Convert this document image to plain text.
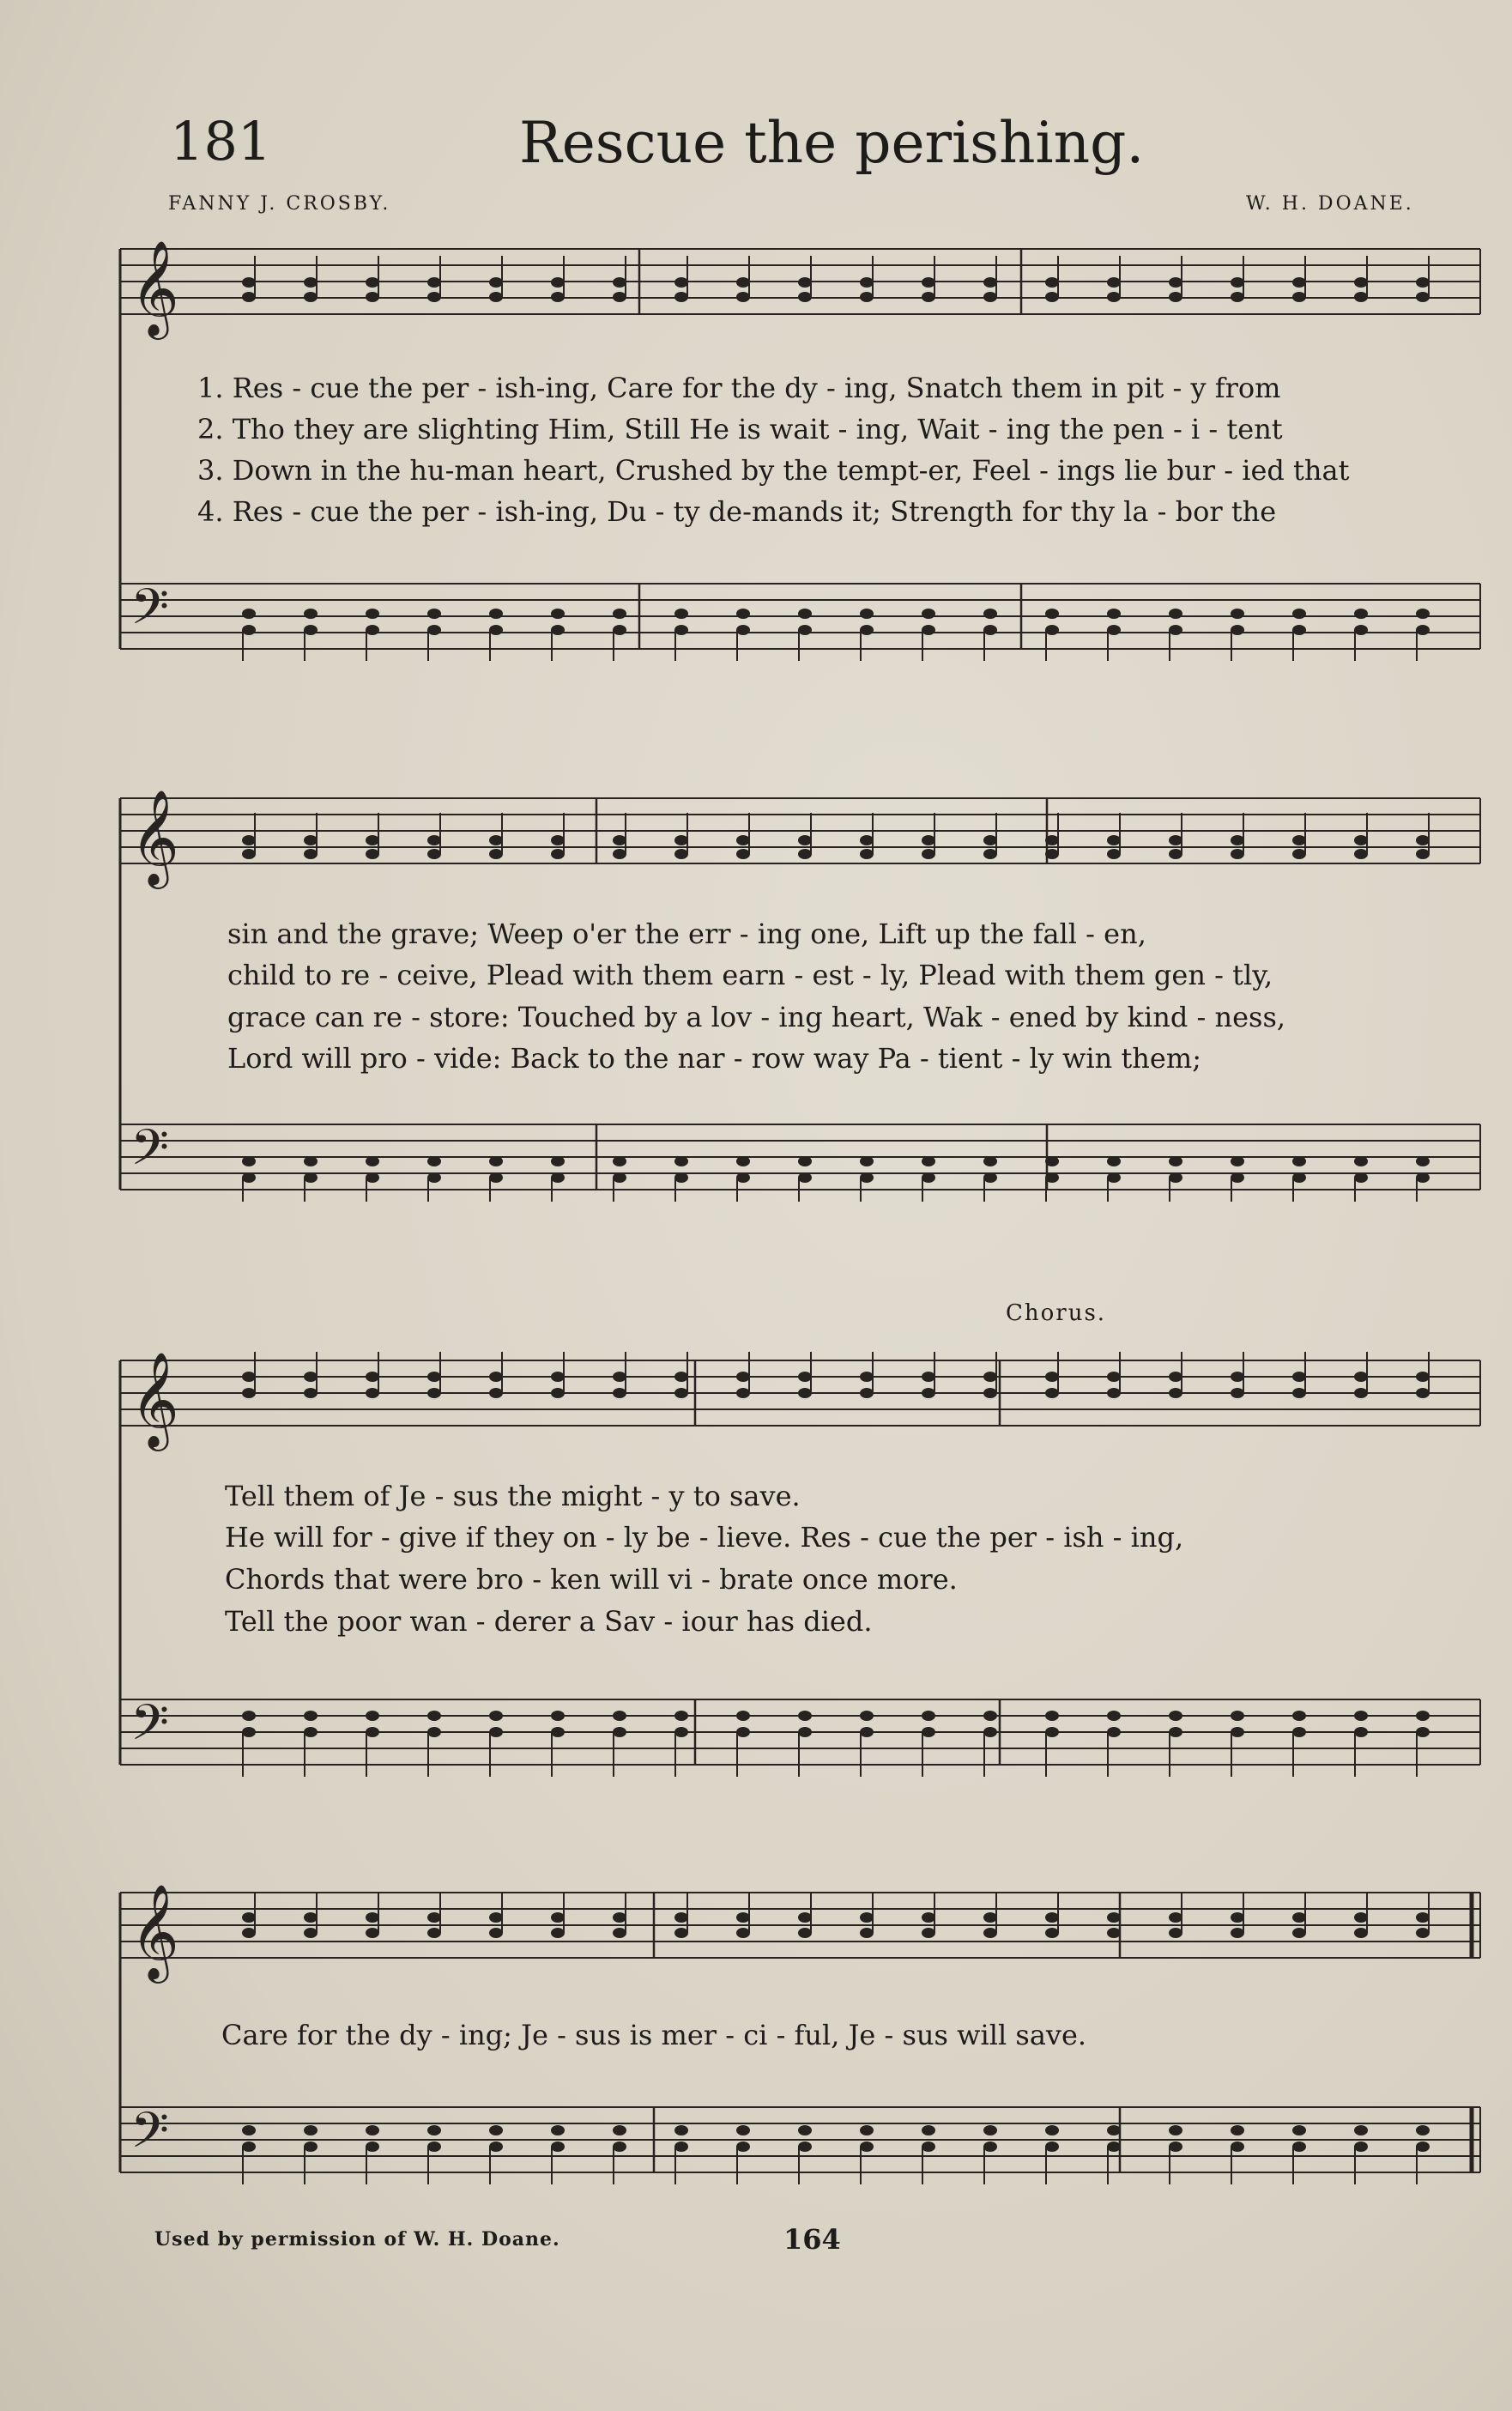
181	Rescue the perishing.
FANNY J. CROSBY.	W. H. DOANE.
𝄞
𝄢
𝄞
𝄢
𝄞
𝄢
𝄞
𝄢
Chorus.
1. Res - cue the per - ish-ing, Care for the dy - ing, Snatch them in pit - y from
2. Tho they are slighting Him, Still He is wait - ing, Wait - ing the pen - i - tent
3. Down in the hu-man heart, Crushed by the tempt-er, Feel - ings lie bur - ied that
4. Res - cue the per - ish-ing, Du - ty de-mands it; Strength for thy la - bor the
sin and the grave; Weep o'er the err - ing one, Lift up the fall - en,
child to re - ceive, Plead with them earn - est - ly, Plead with them gen - tly,
grace can re - store: Touched by a lov - ing heart, Wak - ened by kind - ness,
Lord will pro - vide: Back to the nar - row way Pa - tient - ly win them;
Tell them of Je - sus the might - y to save.
He will for - give if they on - ly be - lieve. Res - cue the per - ish - ing,
Chords that were bro - ken will vi - brate once more.
Tell the poor wan - derer a Sav - iour has died.
Care for the dy - ing; Je - sus is mer - ci - ful, Je - sus will save.
Used by permission of W. H. Doane.	164
